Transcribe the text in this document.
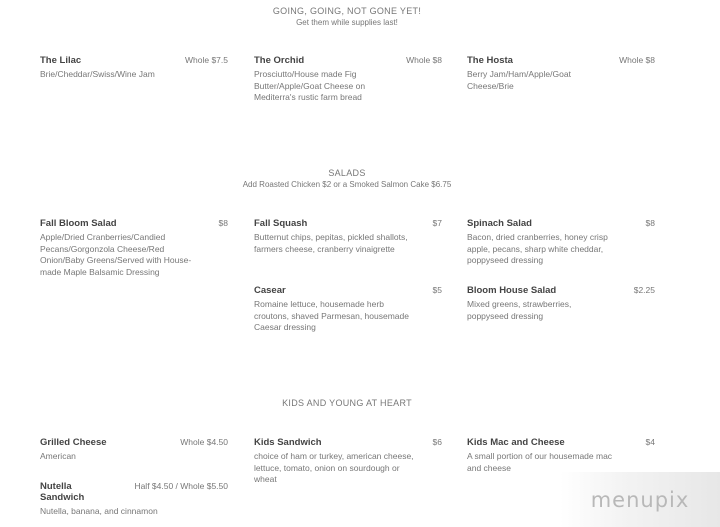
GOING, GOING, NOT GONE YET!
Get them while supplies last!
The Lilac	Whole $7.5
Brie/Cheddar/Swiss/Wine Jam
The Orchid	Whole $8
Prosciutto/House made Fig Butter/Apple/Goat Cheese on Mediterra's rustic farm bread
The Hosta	Whole $8
Berry Jam/Ham/Apple/Goat Cheese/Brie
SALADS
Add Roasted Chicken $2 or a Smoked Salmon Cake $6.75
Fall Bloom Salad	$8
Apple/Dried Cranberries/Candied Pecans/Gorgonzola Cheese/Red Onion/Baby Greens/Served with House-made Maple Balsamic Dressing
Fall Squash	$7
Butternut chips, pepitas, pickled shallots, farmers cheese, cranberry vinaigrette
Spinach Salad	$8
Bacon, dried cranberries, honey crisp apple, pecans, sharp white cheddar, poppyseed dressing
Casear	$5
Romaine lettuce, housemade herb croutons, shaved Parmesan, housemade Caesar dressing
Bloom House Salad	$2.25
Mixed greens, strawberries, poppyseed dressing
KIDS AND YOUNG AT HEART
Grilled Cheese	Whole $4.50
American
Kids Sandwich	$6
choice of ham or turkey, american cheese, lettuce, tomato, onion on sourdough or wheat
Kids Mac and Cheese	$4
A small portion of our housemade mac and cheese
Nutella Sandwich
Half $4.50 / Whole $5.50
Nutella, banana, and cinnamon	menupix
